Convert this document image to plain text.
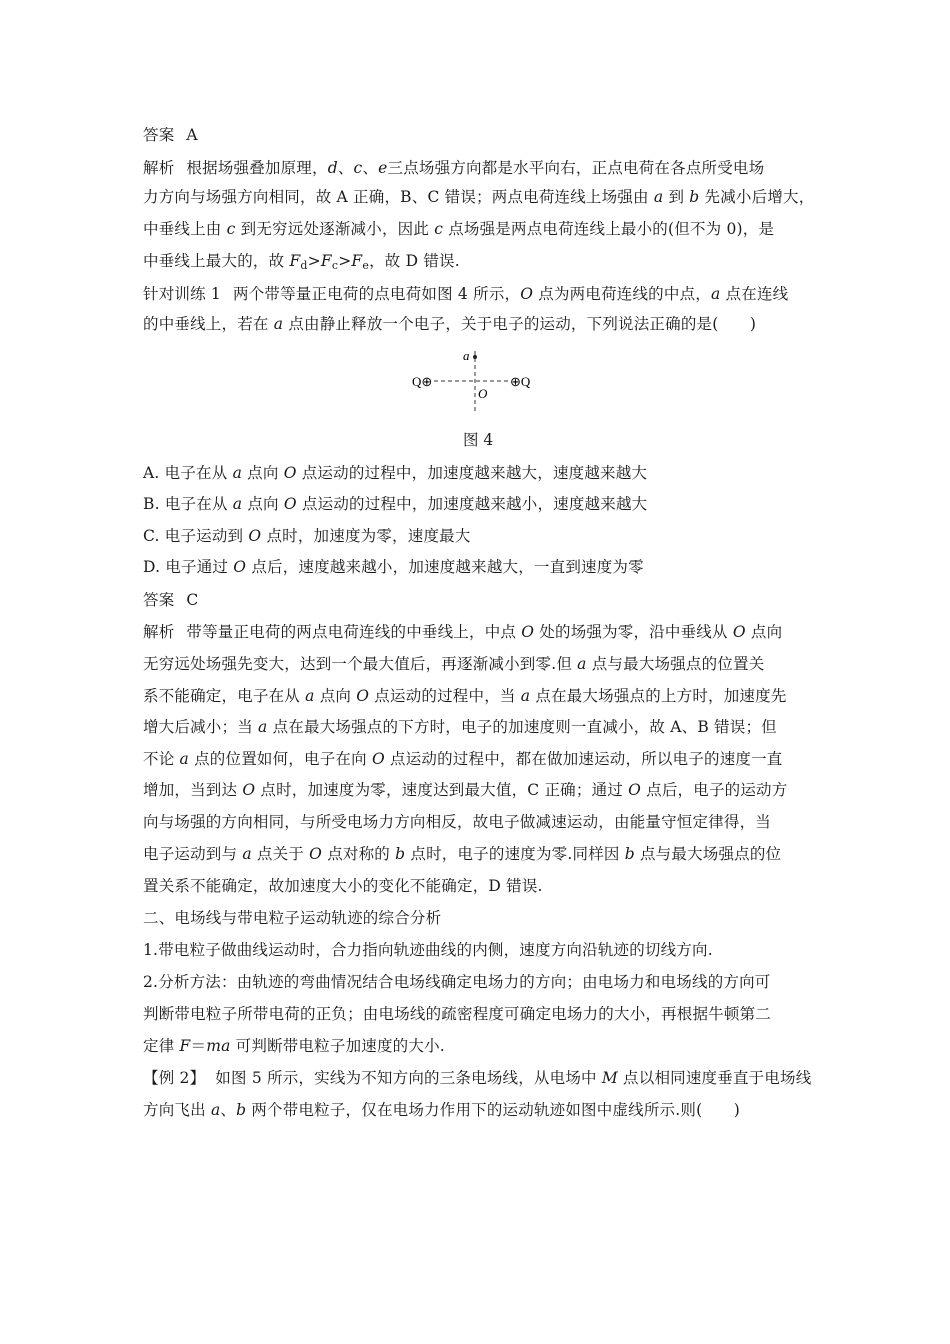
答案 A
解析 根据场强叠加原理，d、c、e三点场强方向都是水平向右，正点电荷在各点所受电场
力方向与场强方向相同，故 A 正确，B、C 错误；两点电荷连线上场强由 a 到 b 先减小后增大，
中垂线上由 c 到无穷远处逐渐减小，因此 c 点场强是两点电荷连线上最小的(但不为 0)，是
中垂线上最大的，故 $F_d>F_c>F_e$，故 D 错误.
针对训练 1 两个带等量正电荷的点电荷如图 4 所示，O 点为两电荷连线的中点，a 点在连线
的中垂线上，若在 a 点由静止释放一个电子，关于电子的运动，下列说法正确的是(　　)
a
O
Q⊕	⊕Q
图 4
A. 电子在从 a 点向 O 点运动的过程中，加速度越来越大，速度越来越大
B. 电子在从 a 点向 O 点运动的过程中，加速度越来越小，速度越来越大
C. 电子运动到 O 点时，加速度为零，速度最大
D. 电子通过 O 点后，速度越来越小，加速度越来越大，一直到速度为零
答案 C
解析 带等量正电荷的两点电荷连线的中垂线上，中点 O 处的场强为零，沿中垂线从 O 点向
无穷远处场强先变大，达到一个最大值后，再逐渐减小到零.但 a 点与最大场强点的位置关
系不能确定，电子在从 a 点向 O 点运动的过程中，当 a 点在最大场强点的上方时，加速度先
增大后减小；当 a 点在最大场强点的下方时，电子的加速度则一直减小，故 A、B 错误；但
不论 a 点的位置如何，电子在向 O 点运动的过程中，都在做加速运动，所以电子的速度一直
增加，当到达 O 点时，加速度为零，速度达到最大值，C 正确；通过 O 点后，电子的运动方
向与场强的方向相同，与所受电场力方向相反，故电子做减速运动，由能量守恒定律得，当
电子运动到与 a 点关于 O 点对称的 b 点时，电子的速度为零.同样因 b 点与最大场强点的位
置关系不能确定，故加速度大小的变化不能确定，D 错误.
二、电场线与带电粒子运动轨迹的综合分析
1.带电粒子做曲线运动时，合力指向轨迹曲线的内侧，速度方向沿轨迹的切线方向.
2.分析方法：由轨迹的弯曲情况结合电场线确定电场力的方向；由电场力和电场线的方向可
判断带电粒子所带电荷的正负；由电场线的疏密程度可确定电场力的大小，再根据牛顿第二
定律 F＝ma 可判断带电粒子加速度的大小.
【例 2】 如图 5 所示，实线为不知方向的三条电场线，从电场中 M 点以相同速度垂直于电场线
方向飞出 a、b 两个带电粒子，仅在电场力作用下的运动轨迹如图中虚线所示.则(　　)
